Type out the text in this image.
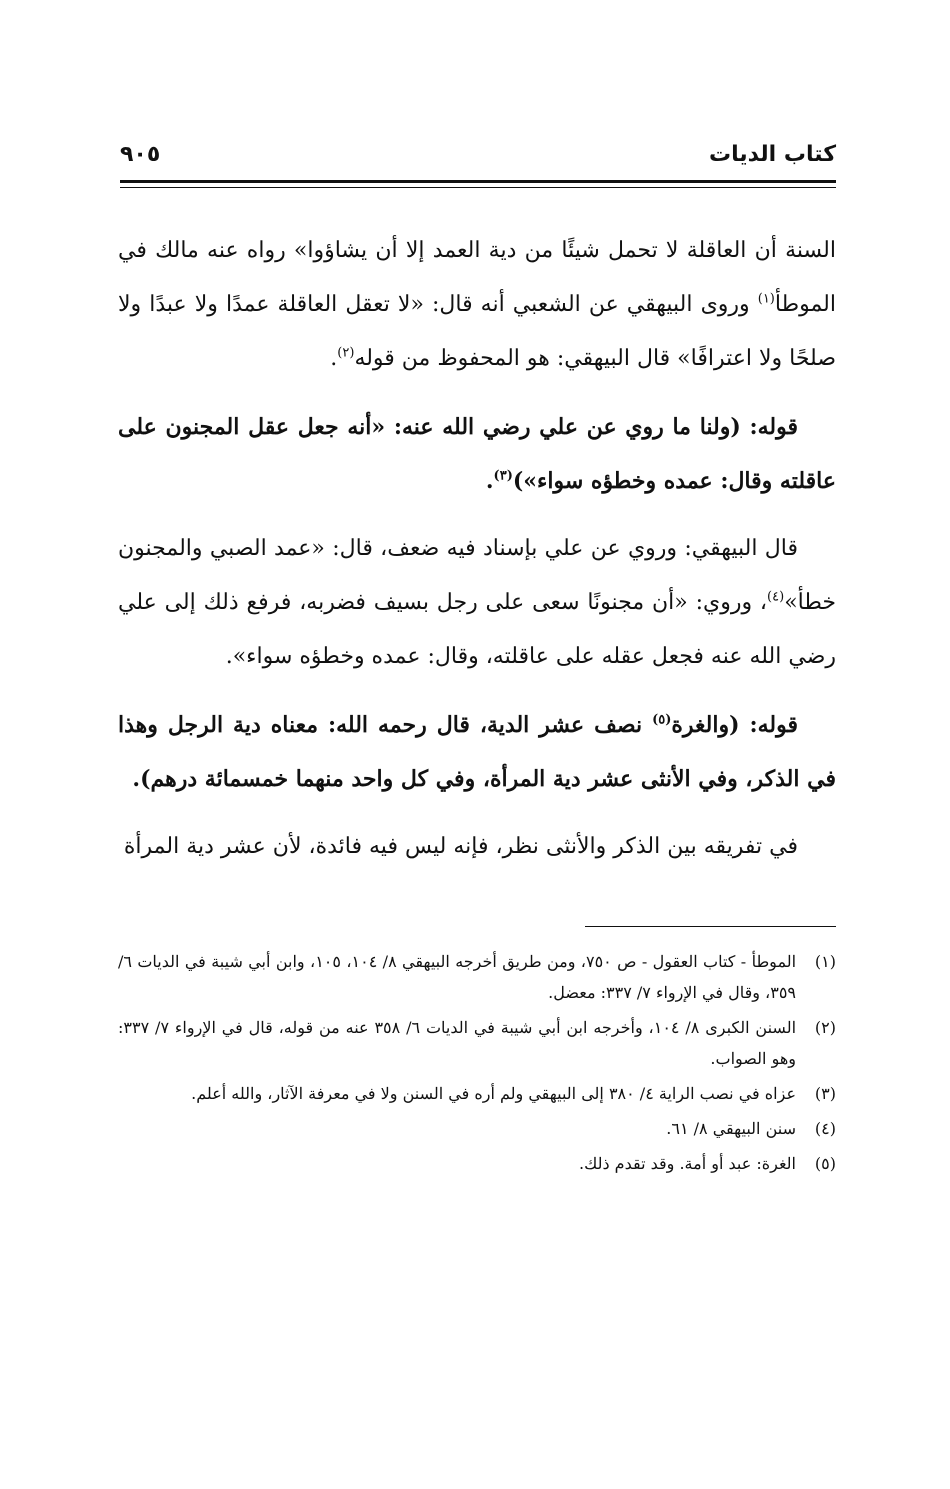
كتاب الديات
٩٠٥

السنة أن العاقلة لا تحمل شيئًا من دية العمد إلا أن يشاؤوا» رواه عنه مالك في الموطأ$^{(١)}$ وروى البيهقي عن الشعبي أنه قال: «لا تعقل العاقلة عمدًا ولا عبدًا ولا صلحًا ولا اعترافًا» قال البيهقي: هو المحفوظ من قوله$^{(٢)}$.

قوله: (ولنا ما روي عن علي رضي الله عنه: «أنه جعل عقل المجنون على عاقلته وقال: عمده وخطؤه سواء»)$^{(٣)}$.

قال البيهقي: وروي عن علي بإسناد فيه ضعف، قال: «عمد الصبي والمجنون خطأ»$^{(٤)}$، وروي: «أن مجنونًا سعى على رجل بسيف فضربه، فرفع ذلك إلى علي رضي الله عنه فجعل عقله على عاقلته، وقال: عمده وخطؤه سواء».

قوله: (والغرة$^{(٥)}$ نصف عشر الدية، قال رحمه الله: معناه دية الرجل وهذا في الذكر، وفي الأنثى عشر دية المرأة، وفي كل واحد منهما خمسمائة درهم).

في تفريقه بين الذكر والأنثى نظر، فإنه ليس فيه فائدة، لأن عشر دية المرأة

(١)
الموطأ - كتاب العقول - ص ٧٥٠، ومن طريق أخرجه البيهقي ٨/ ١٠٤، ١٠٥، وابن أبي شيبة في الديات ٦/ ٣٥٩، وقال في الإرواء ٧/ ٣٣٧: معضل.
(٢)
السنن الكبرى ٨/ ١٠٤، وأخرجه ابن أبي شيبة في الديات ٦/ ٣٥٨ عنه من قوله، قال في الإرواء ٧/ ٣٣٧: وهو الصواب.
(٣)
عزاه في نصب الراية ٤/ ٣٨٠ إلى البيهقي ولم أره في السنن ولا في معرفة الآثار، والله أعلم.
(٤)
سنن البيهقي ٨/ ٦١.
(٥)
الغرة: عبد أو أمة. وقد تقدم ذلك.
